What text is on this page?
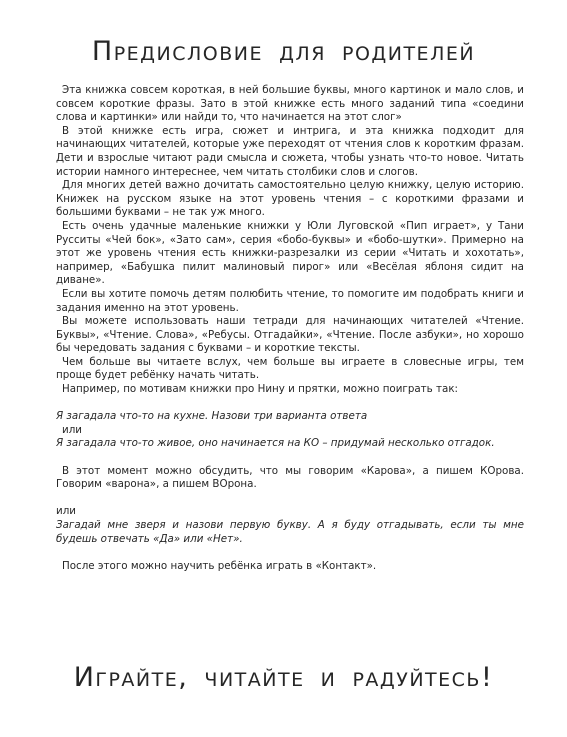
Предисловие для родителей

Эта книжка совсем короткая, в ней большие буквы, много картинок и мало слов, и совсем короткие фразы. Зато в этой книжке есть много заданий типа «соедини слова и картинки» или найди то, что начинается на этот слог»

В этой книжке есть игра, сюжет и интрига, и эта книжка подходит для начинающих читателей, которые уже переходят от чтения слов к коротким фразам. Дети и взрослые читают ради смысла и сюжета, чтобы узнать что-то новое. Читать истории намного интереснее, чем читать столбики слов и слогов.

Для многих детей важно дочитать самостоятельно целую книжку, целую историю. Книжек на русском языке на этот уровень чтения – с короткими фразами и большими буквами – не так уж много.

Есть очень удачные маленькие книжки у Юли Луговской «Пип играет», у Тани Русситы «Чей бок», «Зато сам», серия «бобо-буквы» и «бобо-шутки». Примерно на этот же уровень чтения есть книжки-разрезалки из серии «Читать и хохотать», например, «Бабушка пилит малиновый пирог» или «Весёлая яблоня сидит на диване».

Если вы хотите помочь детям полюбить чтение, то помогите им подобрать книги и задания именно на этот уровень.

Вы можете использовать наши тетради для начинающих читателей «Чтение. Буквы», «Чтение. Слова», «Ребусы. Отгадайки», «Чтение. После азбуки», но хорошо бы чередовать задания с буквами – и короткие тексты.

Чем больше вы читаете вслух, чем больше вы играете в словесные игры, тем проще будет ребёнку начать читать.

Например, по мотивам книжки про Нину и прятки, можно поиграть так:

Я загадала что-то на кухне. Назови три варианта ответа

или

Я загадала что-то живое, оно начинается на КО – придумай несколько отгадок.

В этот момент можно обсудить, что мы говорим «Карова», а пишем КОрова. Говорим «варона», а пишем ВОрона.

или

Загадай мне зверя и назови первую букву. А я буду отгадывать, если ты мне будешь отвечать «Да» или «Нет».

После этого можно научить ребёнка играть в «Контакт».

Играйте, читайте и радуйтесь!
